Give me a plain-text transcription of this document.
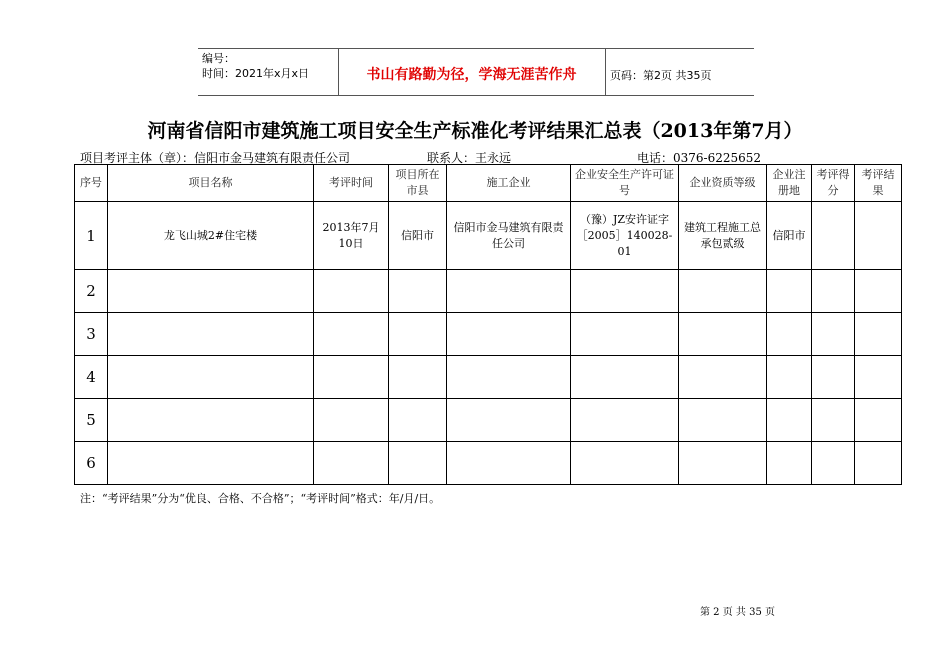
编号：
时间：2021年x月x日	书山有路勤为径，学海无涯苦作舟	页码：第2页 共35页
河南省信阳市建筑施工项目安全生产标准化考评结果汇总表（2013年第7月）
项目考评主体（章）：信阳市金马建筑有限责任公司	联系人：王永远	电话：0376-6225652
序号	项目名称	考评时间	项目所在市县	施工企业	企业安全生产许可证号	企业资质等级	企业注册地	考评得分	考评结果
1	龙飞山城2#住宅楼	2013年7月10日	信阳市	信阳市金马建筑有限责任公司	（豫）JZ安许证字［2005］140028-01	建筑工程施工总承包贰级	信阳市		
2									
3									
4									
5									
6									
注：“考评结果”分为“优良、合格、不合格”；“考评时间”格式：年/月/日。
第 2 页 共 35 页
